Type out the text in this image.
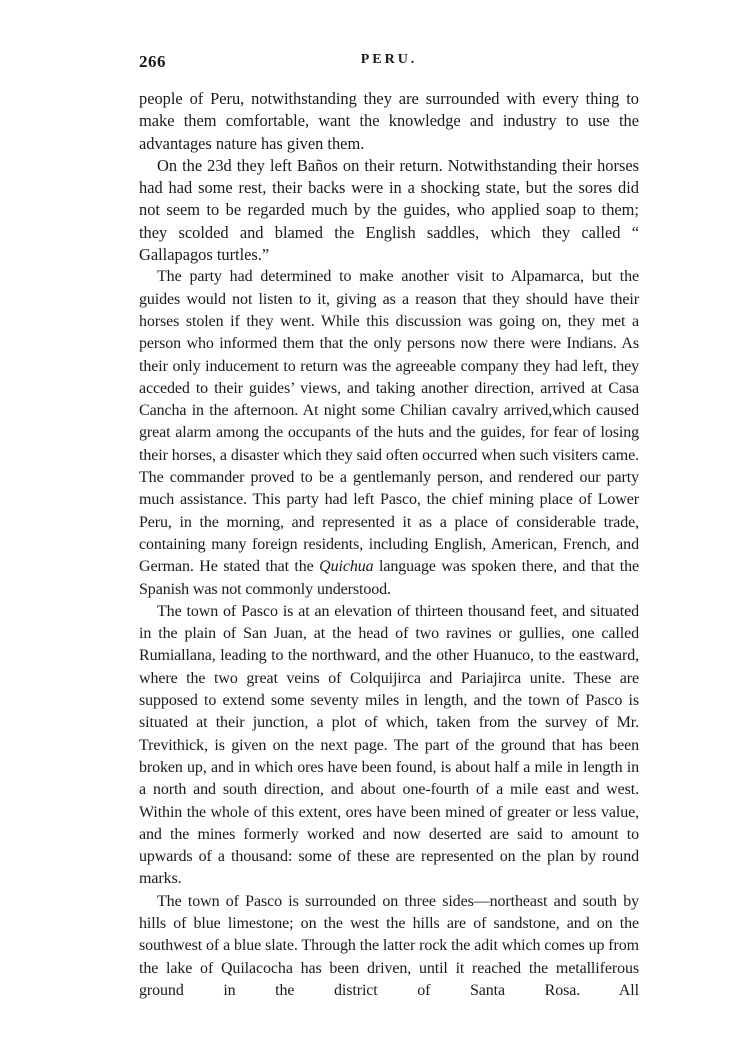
266	PERU.

people of Peru, notwithstanding they are surrounded with every thing to make them comfortable, want the knowledge and industry to use the advantages nature has given them.

On the 23d they left Baños on their return. Notwithstanding their horses had had some rest, their backs were in a shocking state, but the sores did not seem to be regarded much by the guides, who applied soap to them; they scolded and blamed the English saddles, which they called “ Gallapagos turtles.”

The party had determined to make another visit to Alpamarca, but the guides would not listen to it, giving as a reason that they should have their horses stolen if they went. While this discussion was going on, they met a person who informed them that the only persons now there were Indians. As their only inducement to return was the agreeable company they had left, they acceded to their guides’ views, and taking another direction, arrived at Casa Cancha in the afternoon. At night some Chilian cavalry arrived,which caused great alarm among the occupants of the huts and the guides, for fear of losing their horses, a disaster which they said often occurred when such visiters came. The commander proved to be a gentlemanly person, and rendered our party much assistance. This party had left Pasco, the chief mining place of Lower Peru, in the morning, and represented it as a place of considerable trade, containing many foreign residents, including English, American, French, and German. He stated that the Quichua language was spoken there, and that the Spanish was not commonly understood.

The town of Pasco is at an elevation of thirteen thousand feet, and situated in the plain of San Juan, at the head of two ravines or gullies, one called Rumiallana, leading to the northward, and the other Huanuco, to the eastward, where the two great veins of Colquijirca and Pariajirca unite. These are supposed to extend some seventy miles in length, and the town of Pasco is situated at their junction, a plot of which, taken from the survey of Mr. Trevithick, is given on the next page. The part of the ground that has been broken up, and in which ores have been found, is about half a mile in length in a north and south direction, and about one-fourth of a mile east and west. Within the whole of this extent, ores have been mined of greater or less value, and the mines formerly worked and now deserted are said to amount to upwards of a thousand: some of these are represented on the plan by round marks.

The town of Pasco is surrounded on three sides—northeast and south by hills of blue limestone; on the west the hills are of sandstone, and on the southwest of a blue slate. Through the latter rock the adit which comes up from the lake of Quilacocha has been driven, until it reached the metalliferous ground in the district of Santa Rosa. All
